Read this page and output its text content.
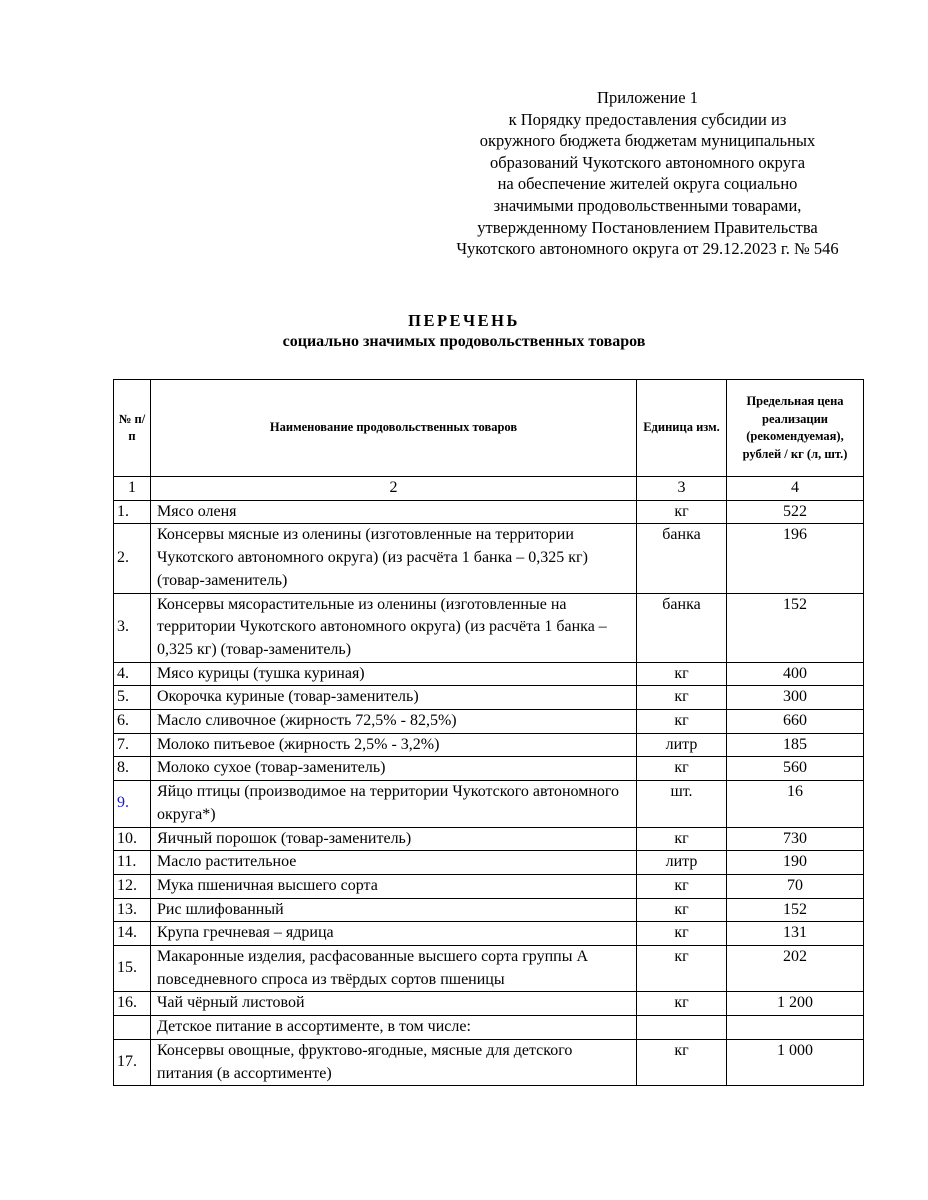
Приложение 1
к Порядку предоставления субсидии из
окружного бюджета бюджетам муниципальных
образований Чукотского автономного округа
на обеспечение жителей округа социально
значимыми продовольственными товарами,
утвержденному Постановлением Правительства
Чукотского автономного округа от 29.12.2023 г. № 546
ПЕРЕЧЕНЬ
социально значимых продовольственных товаров
№ п/п	Наименование продовольственных товаров	Единица изм.	Предельная цена реализации (рекомендуемая), рублей / кг (л, шт.)
1	2	3	4
1.	Мясо оленя	кг	522
2.	Консервы мясные из оленины (изготовленные на территории Чукотского автономного округа) (из расчёта 1 банка – 0,325 кг) (товар-заменитель)	банка	196
3.	Консервы мясорастительные из оленины (изготовленные на территории Чукотского автономного округа) (из расчёта 1 банка – 0,325 кг) (товар-заменитель)	банка	152
4.	Мясо курицы (тушка куриная)	кг	400
5.	Окорочка куриные (товар-заменитель)	кг	300
6.	Масло сливочное (жирность 72,5% - 82,5%)	кг	660
7.	Молоко питьевое (жирность 2,5% - 3,2%)	литр	185
8.	Молоко сухое (товар-заменитель)	кг	560
9.	Яйцо птицы (производимое на территории Чукотского автономного округа*)	шт.	16
10.	Яичный порошок (товар-заменитель)	кг	730
11.	Масло растительное	литр	190
12.	Мука пшеничная высшего сорта	кг	70
13.	Рис шлифованный	кг	152
14.	Крупа гречневая – ядрица	кг	131
15.	Макаронные изделия, расфасованные высшего сорта группы А повседневного спроса из твёрдых сортов пшеницы	кг	202
16.	Чай чёрный листовой	кг	1 200
	Детское питание в ассортименте, в том числе:		
17.	Консервы овощные, фруктово-ягодные, мясные для детского питания (в ассортименте)	кг	1 000
